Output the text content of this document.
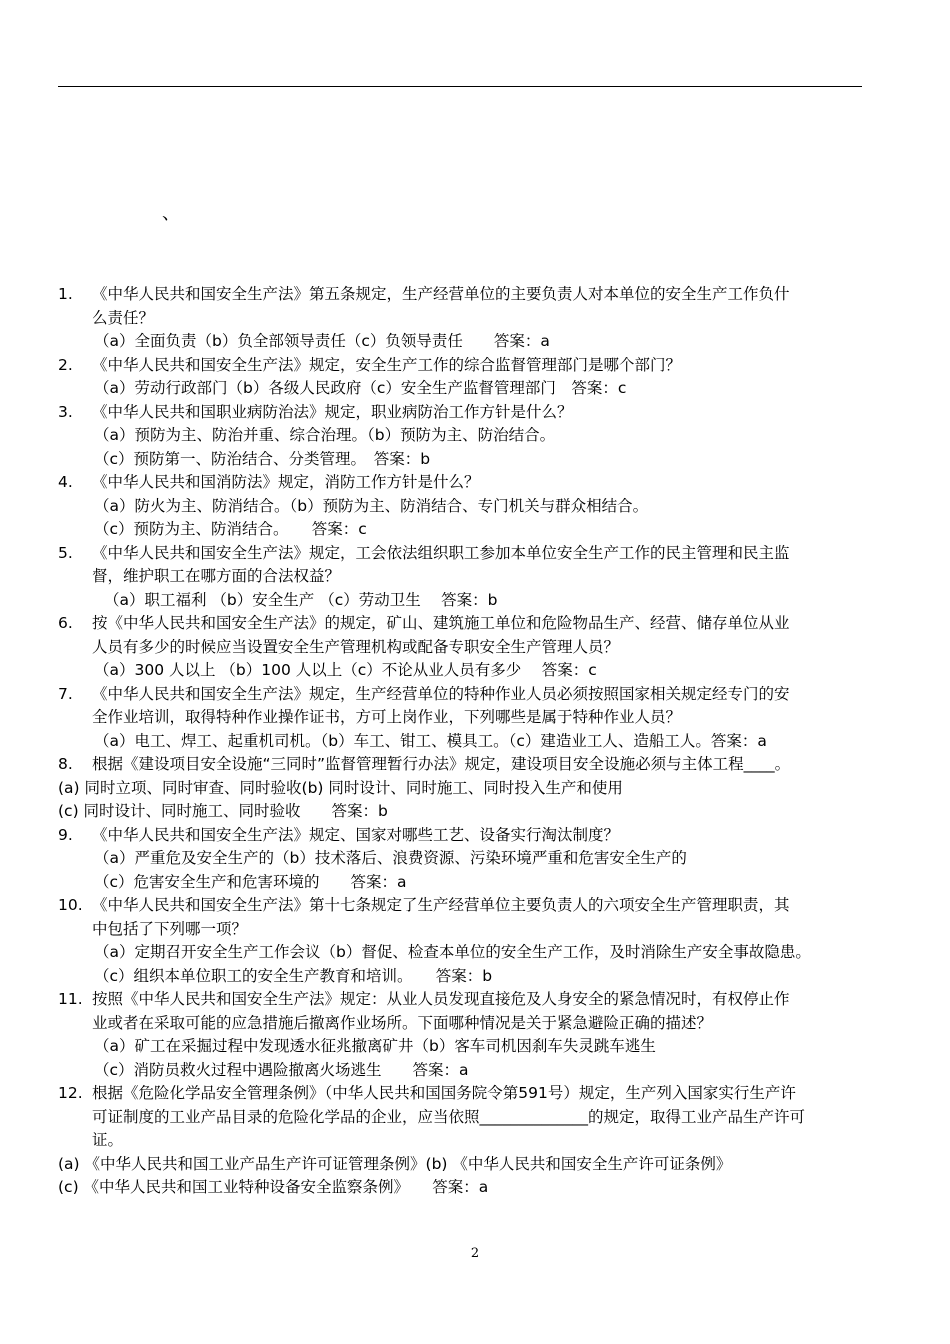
、
1. 《中华人民共和国安全生产法》第五条规定，生产经营单位的主要负责人对本单位的安全生产工作负什
么责任？
（a）全面负责（b）负全部领导责任（c）负领导责任　　答案：a
2. 《中华人民共和国安全生产法》规定，安全生产工作的综合监督管理部门是哪个部门？
（a）劳动行政部门（b）各级人民政府（c）安全生产监督管理部门　答案：c
3. 《中华人民共和国职业病防治法》规定，职业病防治工作方针是什么？
（a）预防为主、防治并重、综合治理。（b）预防为主、防治结合。
（c）预防第一、防治结合、分类管理。　答案：b
4. 《中华人民共和国消防法》规定，消防工作方针是什么？
（a）防火为主、防消结合。（b）预防为主、防消结合、专门机关与群众相结合。
（c）预防为主、防消结合。　　答案：c
5. 《中华人民共和国安全生产法》规定，工会依法组织职工参加本单位安全生产工作的民主管理和民主监
督，维护职工在哪方面的合法权益？
（a）职工福利 （b）安全生产 （c）劳动卫生　 答案：b
6. 按《中华人民共和国安全生产法》的规定，矿山、建筑施工单位和危险物品生产、经营、储存单位从业
人员有多少的时候应当设置安全生产管理机构或配备专职安全生产管理人员？
（a）300 人以上 （b）100 人以上（c）不论从业人员有多少　 答案：c
7. 《中华人民共和国安全生产法》规定，生产经营单位的特种作业人员必须按照国家相关规定经专门的安
全作业培训，取得特种作业操作证书，方可上岗作业，下列哪些是属于特种作业人员？
（a）电工、焊工、起重机司机。（b）车工、钳工、模具工。（c）建造业工人、造船工人。答案：a
8. 根据《建设项目安全设施“三同时”监督管理暂行办法》规定，建设项目安全设施必须与主体工程____。
(a) 同时立项、同时审查、同时验收(b) 同时设计、同时施工、同时投入生产和使用
(c) 同时设计、同时施工、同时验收　　答案：b
9. 《中华人民共和国安全生产法》规定、国家对哪些工艺、设备实行淘汰制度？
（a）严重危及安全生产的（b）技术落后、浪费资源、污染环境严重和危害安全生产的
（c）危害安全生产和危害环境的　　答案：a
10. 《中华人民共和国安全生产法》第十七条规定了生产经营单位主要负责人的六项安全生产管理职责，其
中包括了下列哪一项？
（a）定期召开安全生产工作会议（b）督促、检查本单位的安全生产工作，及时消除生产安全事故隐患。
（c）组织本单位职工的安全生产教育和培训。　　答案：b
11. 按照《中华人民共和国安全生产法》规定：从业人员发现直接危及人身安全的紧急情况时，有权停止作
业或者在采取可能的应急措施后撤离作业场所。下面哪种情况是关于紧急避险正确的描述？
（a）矿工在采掘过程中发现透水征兆撤离矿井（b）客车司机因刹车失灵跳车逃生
（c）消防员救火过程中遇险撤离火场逃生　　答案：a
12. 根据《危险化学品安全管理条例》（中华人民共和国国务院令第591号）规定，生产列入国家实行生产许
可证制度的工业产品目录的危险化学品的企业，应当依照______________的规定，取得工业产品生产许可
证。
(a) 《中华人民共和国工业产品生产许可证管理条例》(b) 《中华人民共和国安全生产许可证条例》
(c) 《中华人民共和国工业特种设备安全监察条例》　　答案：a
2
